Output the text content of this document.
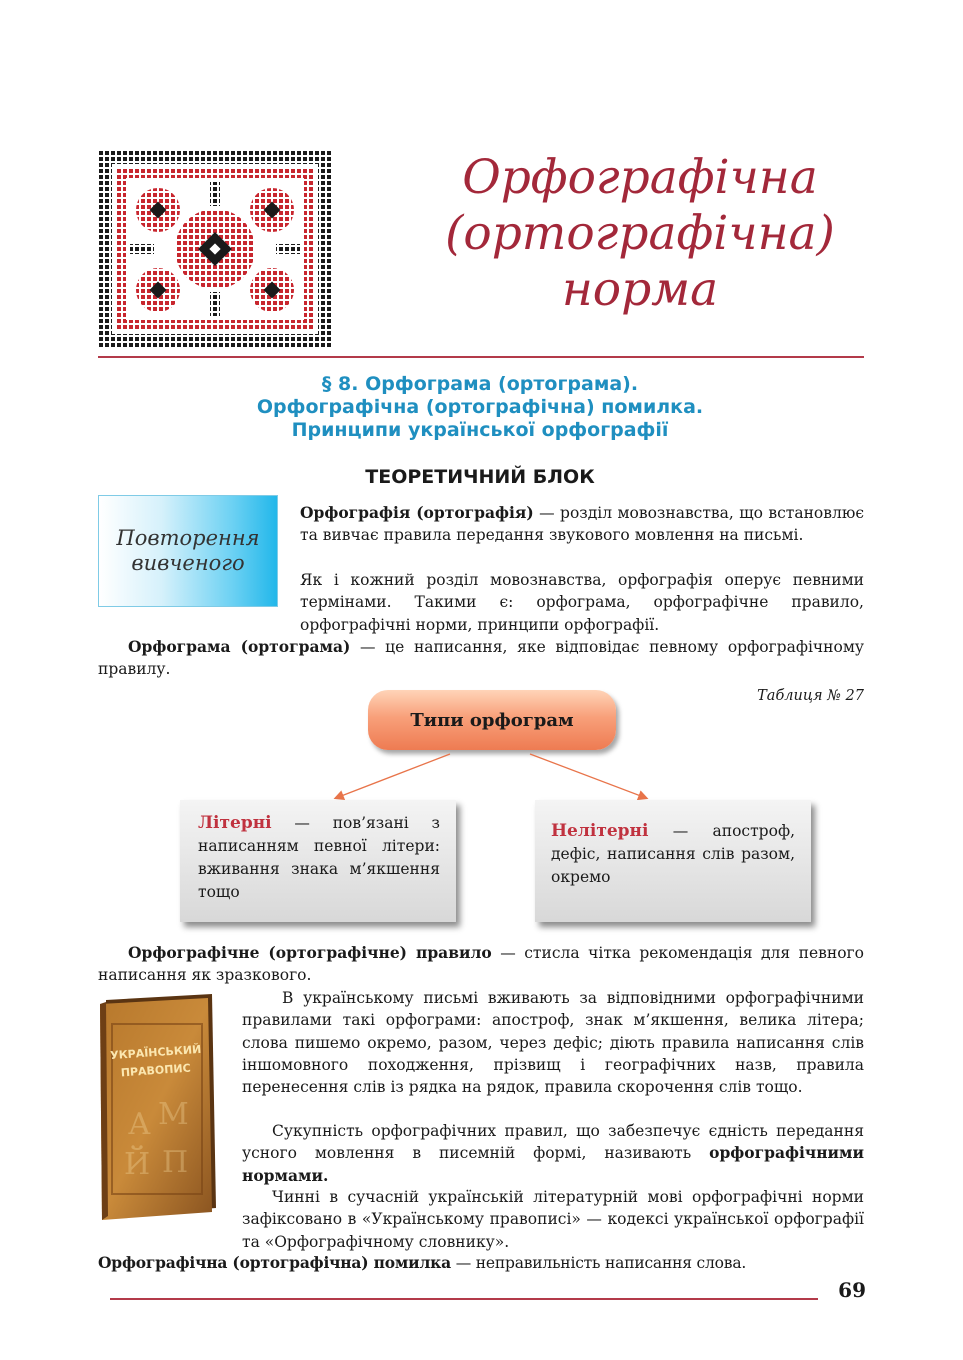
Орфографічна
(ортографічна)
норма
§ 8. Орфограма (ортограма).
Орфографічна (ортографічна) помилка.
Принципи української орфографії
ТЕОРЕТИЧНИЙ БЛОК
Повторення
вивченого
Орфографія (ортографія) — розділ мовознавства, що встановлює та вивчає правила передання звукового мовлення на письмі.
Як і кожний розділ мовознавства, орфографія оперує певними термінами. Такими є: орфограма, орфографічне правило, орфографічні норми, принципи орфографії.
Орфограма (ортограма) — це написання, яке відповідає певному орфографічному правилу.
Таблиця № 27
Типи орфограм
Літерні — пов’язані з написанням певної літери: вживання знака м’якшення тощо
Нелітерні — апостроф, дефіс, написання слів разом, окремо
Орфографічне (ортографічне) правило — стисла чітка рекомендація для певного написання як зразкового.
УКРАЇНСЬКИЙ
ПРАВОПИС
А М
Й П
В українському письмі вживають за відповідними орфографічними правилами такі орфограми: апостроф, знак м’якшення, велика літера; слова пишемо окремо, разом, через дефіс; діють правила написання слів іншомовного походження, прізвищ і географічних назв, правила перенесення слів із рядка на рядок, правила скорочення слів тощо.
Сукупність орфографічних правил, що забезпечує єдність передання усного мовлення в писемній формі, називають орфографічними нормами.
Чинні в сучасній українській літературній мові орфографічні норми зафіксовано в «Українському правописі» — кодексі української орфографії та «Орфографічному словнику».
Орфографічна (ортографічна) помилка — неправильність написання слова.
69
